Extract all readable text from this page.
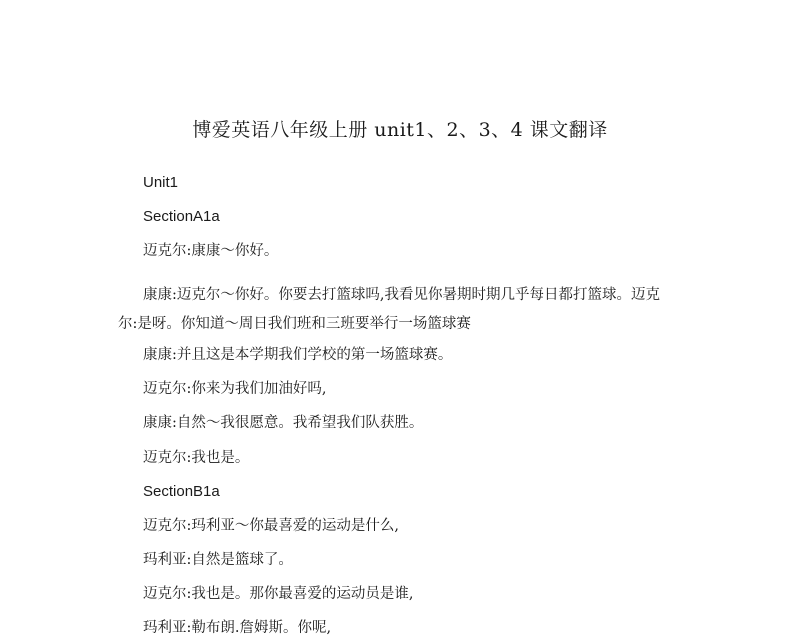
博爱英语八年级上册 unit1、2、3、4 课文翻译
Unit1
SectionA1a
迈克尔:康康～你好。
康康:迈克尔～你好。你要去打篮球吗,我看见你暑期时期几乎每日都打篮球。迈克尔:是呀。你知道～周日我们班和三班要举行一场篮球赛
康康:并且这是本学期我们学校的第一场篮球赛。
迈克尔:你来为我们加油好吗,
康康:自然～我很愿意。我希望我们队获胜。
迈克尔:我也是。
SectionB1a
迈克尔:玛利亚～你最喜爱的运动是什么,
玛利亚:自然是篮球了。
迈克尔:我也是。那你最喜爱的运动员是谁,
玛利亚:勒布朗.詹姆斯。你呢,
